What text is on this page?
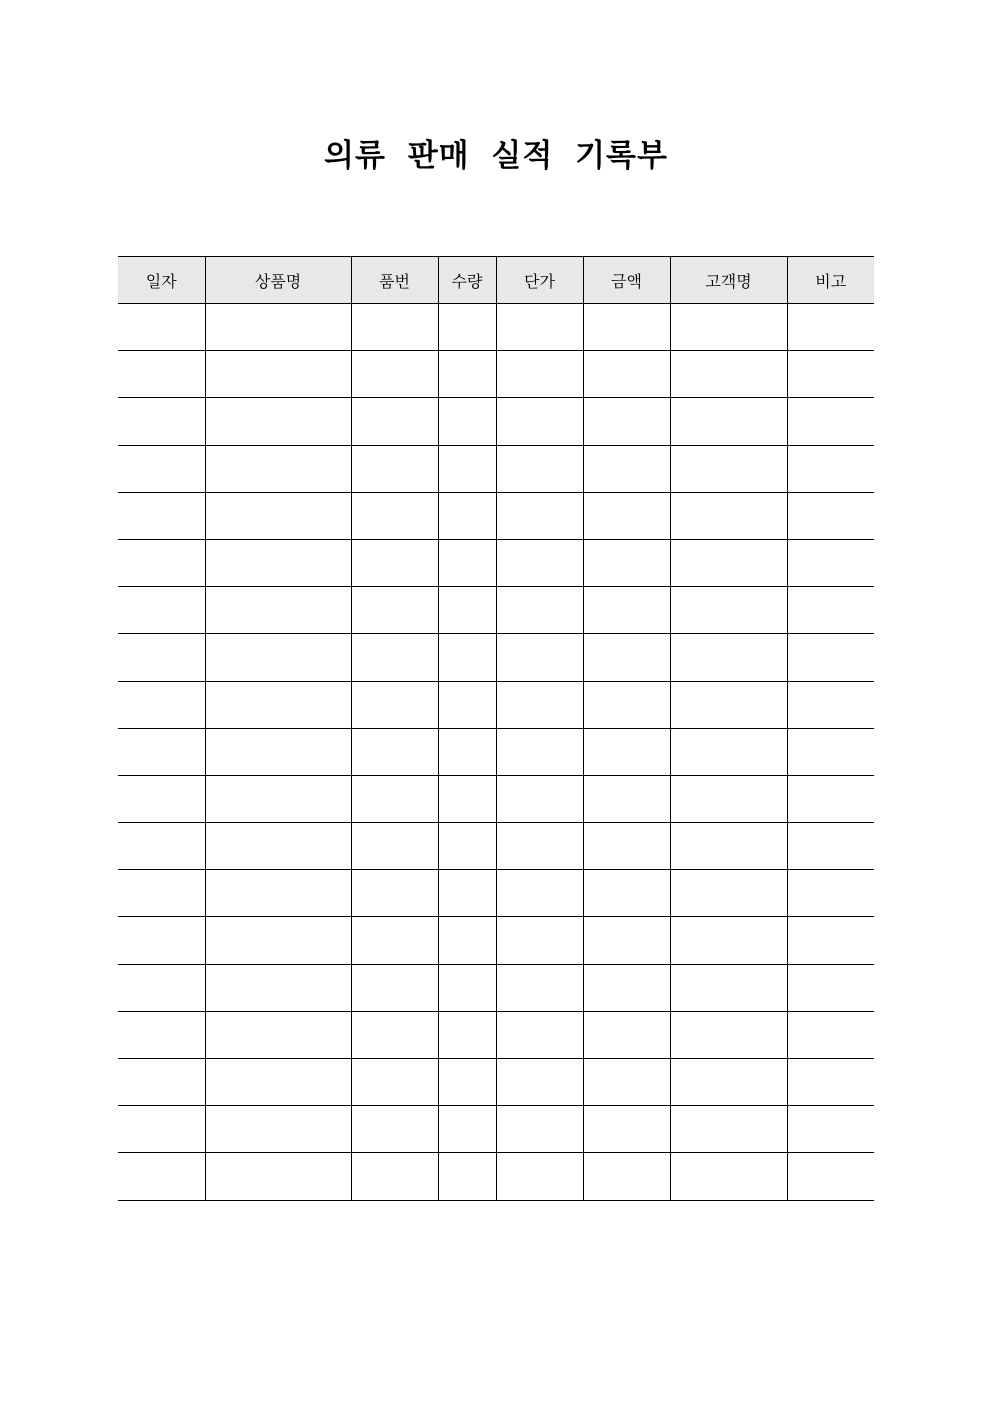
의류 판매 실적 기록부
일자	상품명	품번	수량	단가	금액	고객명	비고
